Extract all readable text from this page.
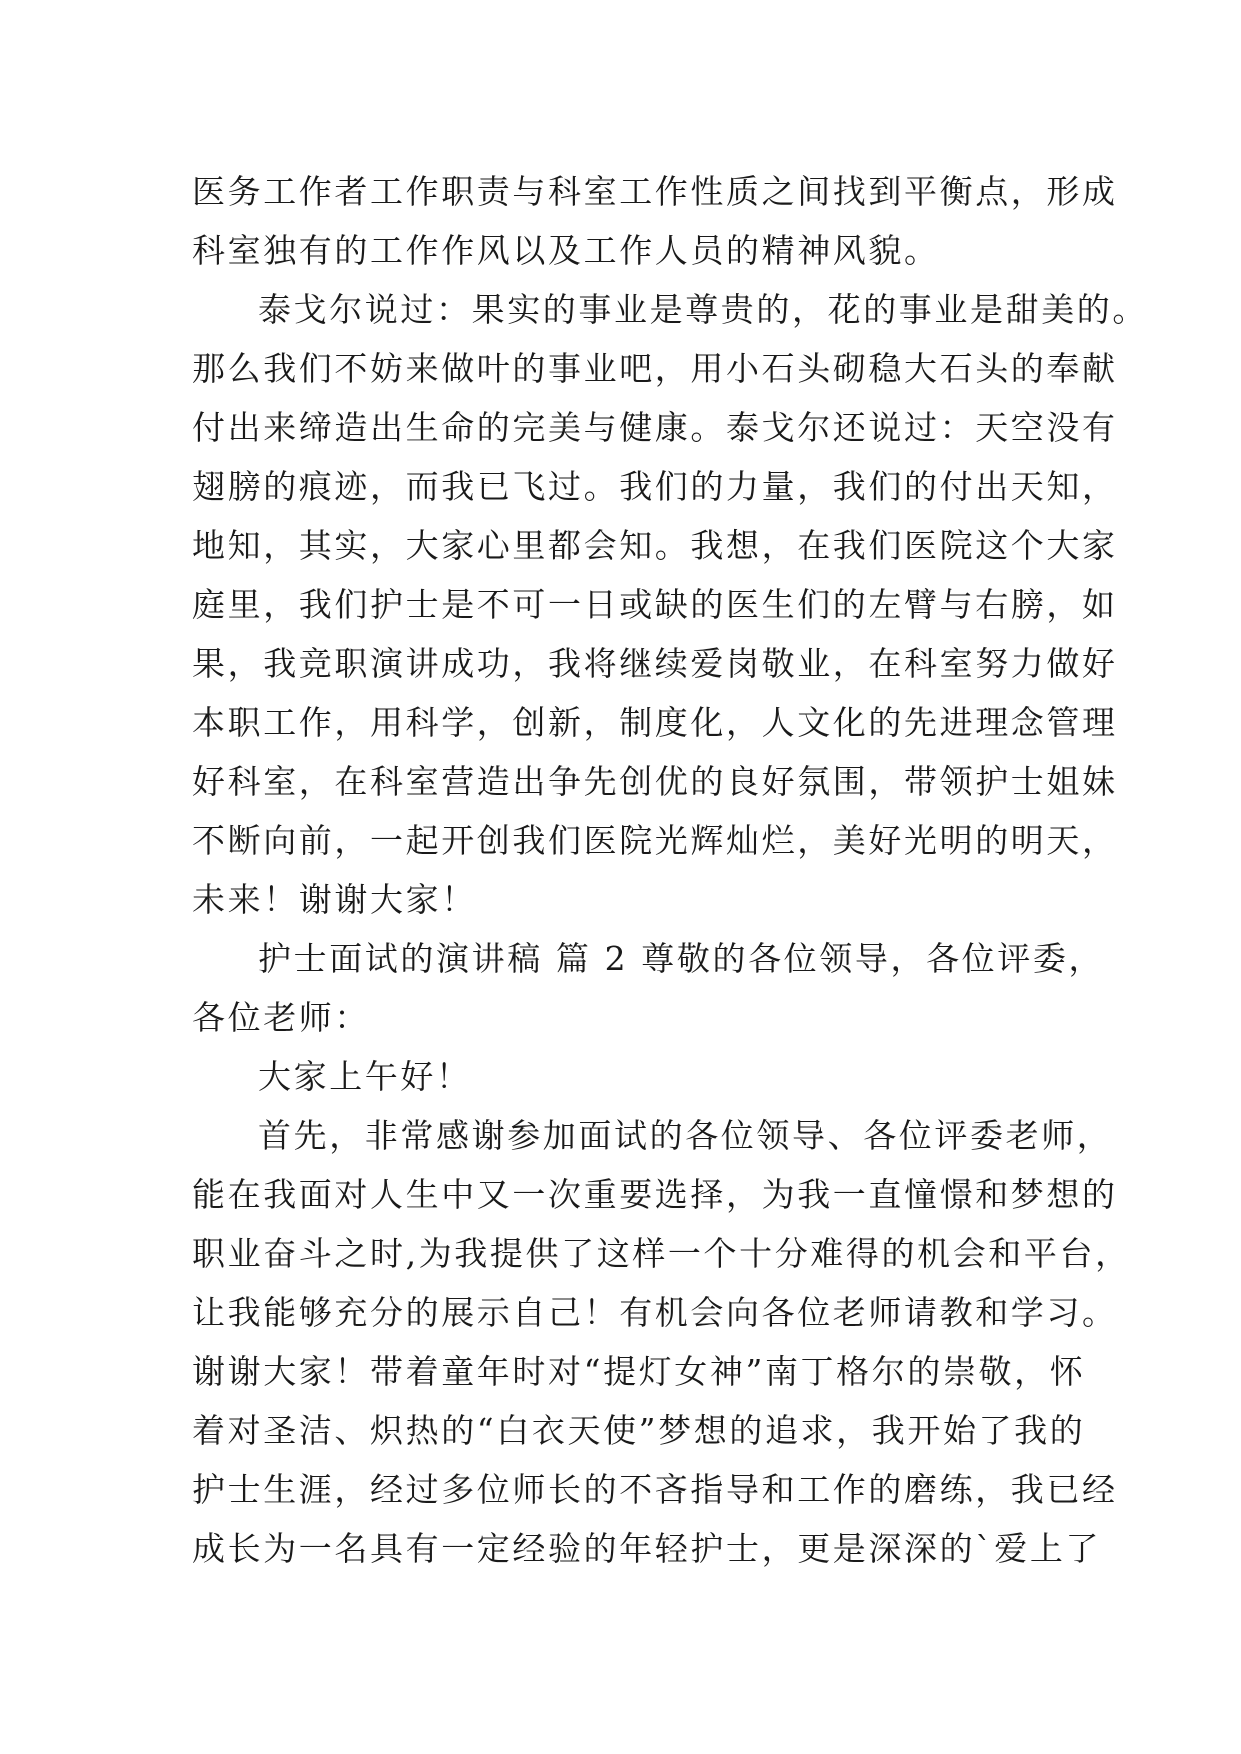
医务工作者工作职责与科室工作性质之间找到平衡点，形成
科室独有的工作作风以及工作人员的精神风貌。
泰戈尔说过：果实的事业是尊贵的，花的事业是甜美的。
那么我们不妨来做叶的事业吧，用小石头砌稳大石头的奉献
付出来缔造出生命的完美与健康。泰戈尔还说过：天空没有
翅膀的痕迹，而我已飞过。我们的力量，我们的付出天知，
地知，其实，大家心里都会知。我想，在我们医院这个大家
庭里，我们护士是不可一日或缺的医生们的左臂与右膀，如
果，我竞职演讲成功，我将继续爱岗敬业，在科室努力做好
本职工作，用科学，创新，制度化，人文化的先进理念管理
好科室，在科室营造出争先创优的良好氛围，带领护士姐妹
不断向前，一起开创我们医院光辉灿烂，美好光明的明天，
未来！谢谢大家！
护士面试的演讲稿 篇 2 尊敬的各位领导，各位评委，
各位老师：
大家上午好！
首先，非常感谢参加面试的各位领导、各位评委老师，
能在我面对人生中又一次重要选择，为我一直憧憬和梦想的
职业奋斗之时,为我提供了这样一个十分难得的机会和平台，
让我能够充分的展示自己！有机会向各位老师请教和学习。
谢谢大家！带着童年时对“提灯女神”南丁格尔的崇敬，怀
着对圣洁、炽热的“白衣天使”梦想的追求，我开始了我的
护士生涯，经过多位师长的不吝指导和工作的磨练，我已经
成长为一名具有一定经验的年轻护士，更是深深的`爱上了
